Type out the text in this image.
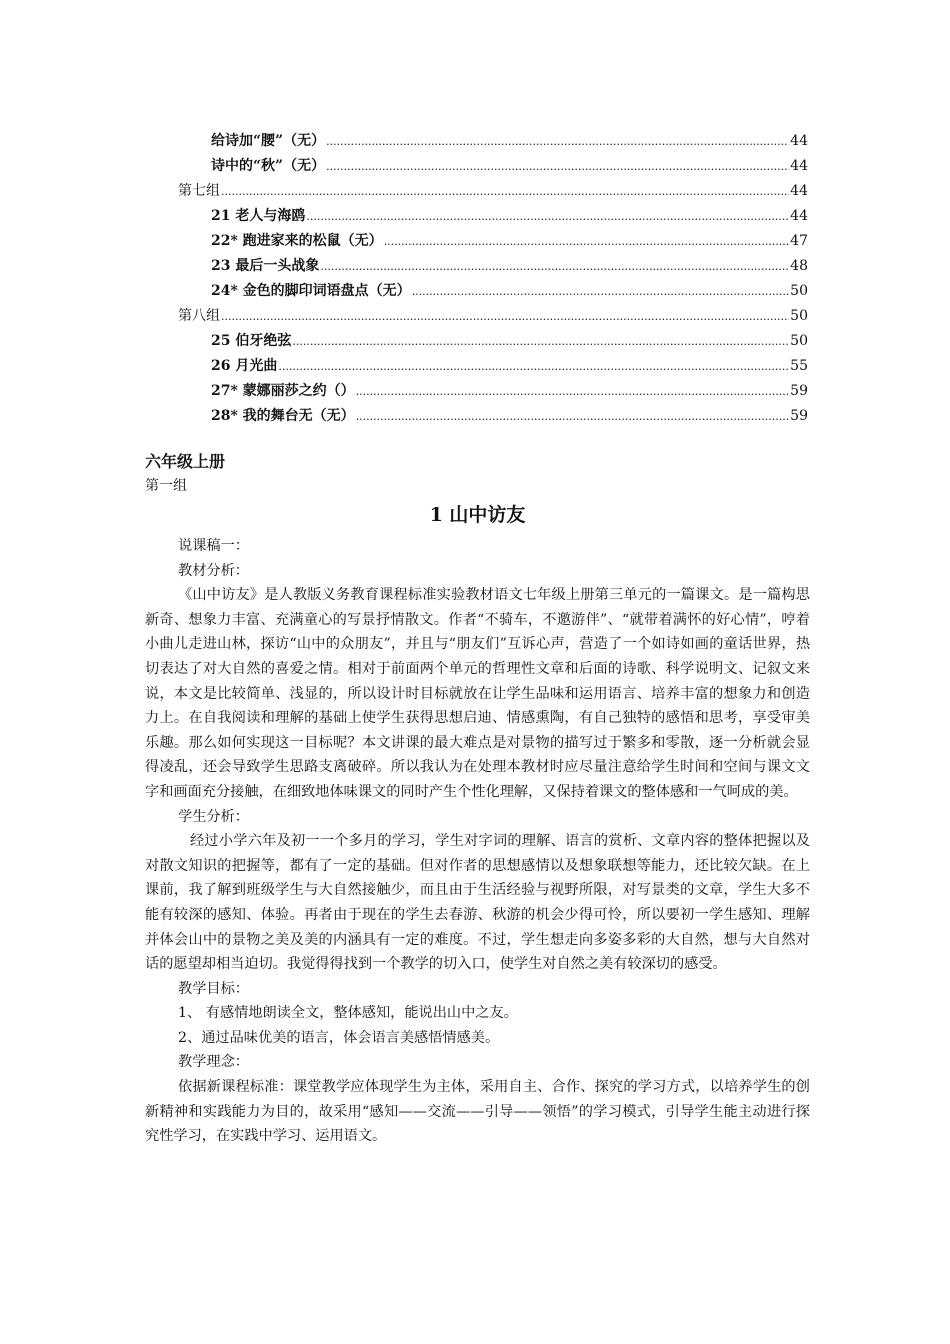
给诗加“腰”（无） .....	44
诗中的“秋”（无） .....	44
第七组 .....	44
21 老人与海鸥 .....	44
22* 跑进家来的松鼠（无） .....	47
23 最后一头战象 .....	48
24* 金色的脚印词语盘点（无） .....	50
第八组 .....	50
25 伯牙绝弦 .....	50
26 月光曲 .....	55
27* 蒙娜丽莎之约（） .....	59
28* 我的舞台无（无） .....	59

六年级上册

第一组

1 山中访友

说课稿一：

教材分析：

《山中访友》是人教版义务教育课程标准实验教材语文七年级上册第三单元的一篇课文。是一篇构思新奇、想象力丰富、充满童心的写景抒情散文。作者“不骑车，不邀游伴”、“就带着满怀的好心情”，哼着小曲儿走进山林，探访“山中的众朋友”，并且与“朋友们”互诉心声，营造了一个如诗如画的童话世界，热切表达了对大自然的喜爱之情。相对于前面两个单元的哲理性文章和后面的诗歌、科学说明文、记叙文来说，本文是比较简单、浅显的，所以设计时目标就放在让学生品味和运用语言、培养丰富的想象力和创造力上。在自我阅读和理解的基础上使学生获得思想启迪、情感熏陶，有自己独特的感悟和思考，享受审美乐趣。那么如何实现这一目标呢？本文讲课的最大难点是对景物的描写过于繁多和零散，逐一分析就会显得凌乱，还会导致学生思路支离破碎。所以我认为在处理本教材时应尽量注意给学生时间和空间与课文文字和画面充分接触，在细致地体味课文的同时产生个性化理解，又保持着课文的整体感和一气呵成的美。

学生分析：

经过小学六年及初一一个多月的学习，学生对字词的理解、语言的赏析、文章内容的整体把握以及对散文知识的把握等，都有了一定的基础。但对作者的思想感情以及想象联想等能力，还比较欠缺。在上课前，我了解到班级学生与大自然接触少，而且由于生活经验与视野所限，对写景类的文章，学生大多不能有较深的感知、体验。再者由于现在的学生去春游、秋游的机会少得可怜，所以要初一学生感知、理解并体会山中的景物之美及美的内涵具有一定的难度。不过，学生想走向多姿多彩的大自然，想与大自然对话的愿望却相当迫切。我觉得得找到一个教学的切入口，使学生对自然之美有较深切的感受。

教学目标：

1、 有感情地朗读全文，整体感知，能说出山中之友。

2、通过品味优美的语言，体会语言美感悟情感美。

教学理念：

依据新课程标准：课堂教学应体现学生为主体，采用自主、合作、探究的学习方式，以培养学生的创新精神和实践能力为目的，故采用“感知——交流——引导——领悟”的学习模式，引导学生能主动进行探究性学习，在实践中学习、运用语文。
